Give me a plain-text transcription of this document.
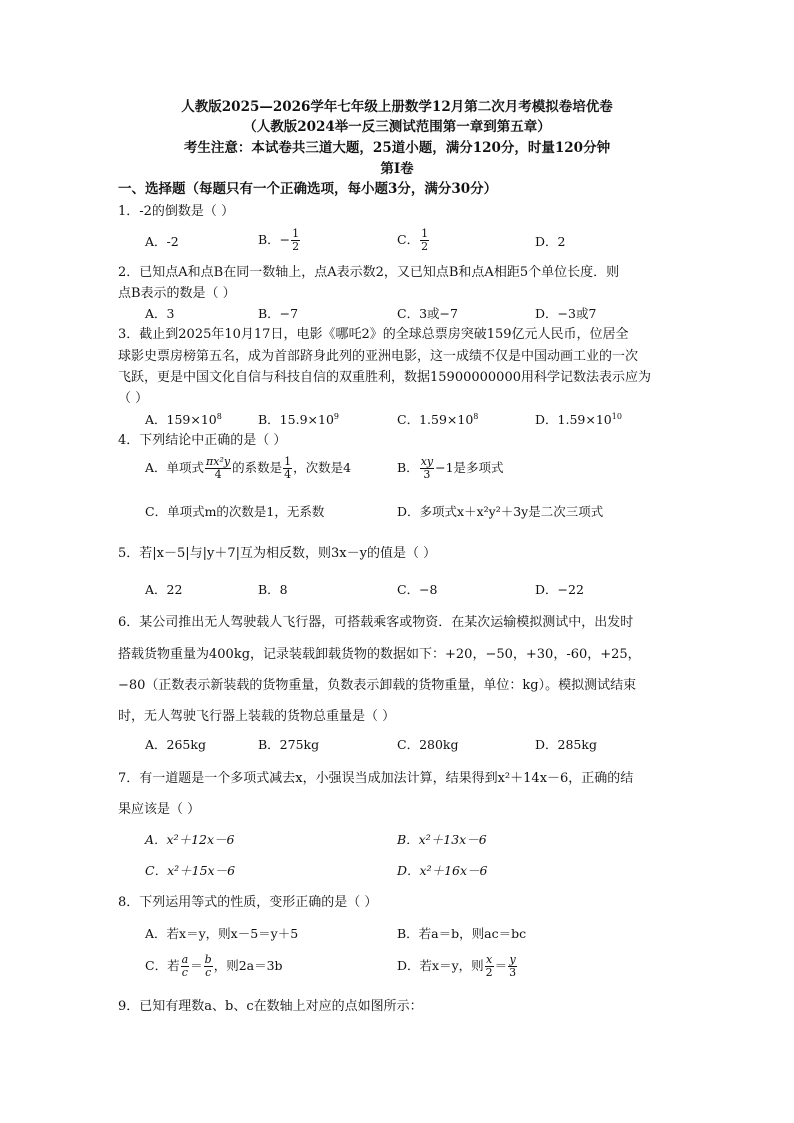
人教版2025—2026学年七年级上册数学12月第二次月考模拟卷培优卷
（人教版2024举一反三测试范围第一章到第五章）
考生注意：本试卷共三道大题，25道小题，满分120分，时量120分钟
第I卷
一、选择题（每题只有一个正确选项，每小题3分，满分30分）
1．-2的倒数是（ ）
A．-2	B．− $\frac{1}{2}$	C． $\frac{1}{2}$	D．2
2．已知点A和点B在同一数轴上，点A表示数2，又已知点B和点A相距5个单位长度．则
点B表示的数是（ ）
A．3	B．−7	C．3或−7	D．−3或7
3．截止到2025年10月17日，电影《哪吒2》的全球总票房突破159亿元人民币，位居全
球影史票房榜第五名，成为首部跻身此列的亚洲电影，这一成绩不仅是中国动画工业的一次
飞跃，更是中国文化自信与科技自信的双重胜利，数据15900000000用科学记数法表示应为
（ ）
A．$159\times 10^8$	B．$15.9\times 10^9$	C．$1.59\times 10^8$	D．$1.59\times 10^{10}$
4．下列结论中正确的是（ ）
A．单项式 $\frac{\text{πx²y}}{4}$ 的系数是 $\frac{1}{4}$ ，次数是4	B． $\frac{xy}{3} -1$是多项式
C．单项式m的次数是1，无系数	D．多项式x＋x²y²＋3y是二次三项式
5．若|x－5|与|y＋7|互为相反数，则3x－y的值是（ ）
A．22	B．8	C．−8	D．−22
6．某公司推出无人驾驶载人飞行器，可搭载乘客或物资．在某次运输模拟测试中，出发时
搭载货物重量为400kg，记录装载卸载货物的数据如下：+20，−50，+30，-60，+25，
−80（正数表示新装载的货物重量，负数表示卸载的货物重量，单位：kg）。模拟测试结束
时，无人驾驶飞行器上装载的货物总重量是（ ）
A．265kg	B．275kg	C．280kg	D．285kg
7．有一道题是一个多项式减去x，小强误当成加法计算，结果得到x²＋14x－6，正确的结
果应该是（ ）
A．x²＋12x－6	B．x²＋13x－6
C．x²＋15x－6	D．x²＋16x－6
8．下列运用等式的性质，变形正确的是（ ）
A．若x＝y，则x－5＝y＋5	B．若a＝b，则ac＝bc
C．若 $\frac{a}{c} = \frac{b}{c}$ ，则2a＝3b	D．若x＝y，则 $\frac{x}{2} = \frac{y}{3}$
9．已知有理数a、b、c在数轴上对应的点如图所示：
